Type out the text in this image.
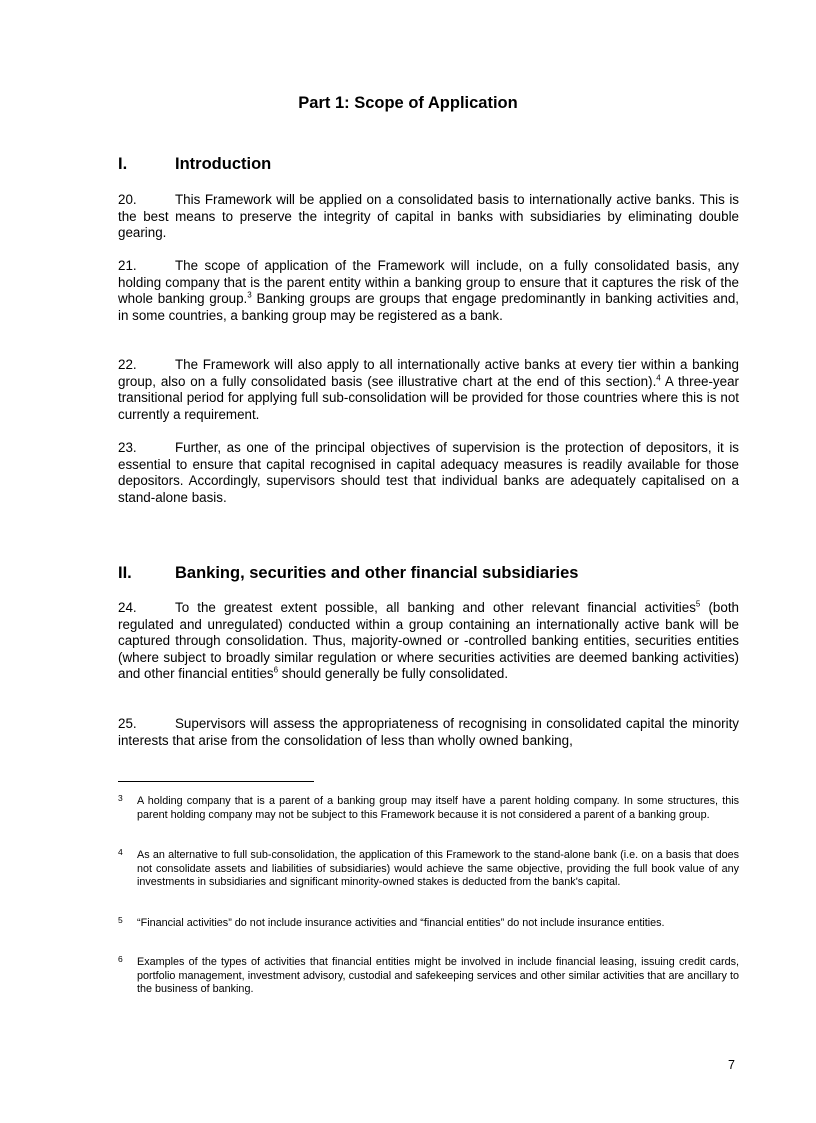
Part 1: Scope of Application
I.	Introduction

20.	This Framework will be applied on a consolidated basis to internationally active banks. This is the best means to preserve the integrity of capital in banks with subsidiaries by eliminating double gearing.

21.	The scope of application of the Framework will include, on a fully consolidated basis, any holding company that is the parent entity within a banking group to ensure that it captures the risk of the whole banking group.$^3$ Banking groups are groups that engage predominantly in banking activities and, in some countries, a banking group may be registered as a bank.

22.	The Framework will also apply to all internationally active banks at every tier within a banking group, also on a fully consolidated basis (see illustrative chart at the end of this section).$^4$ A three-year transitional period for applying full sub-consolidation will be provided for those countries where this is not currently a requirement.

23.	Further, as one of the principal objectives of supervision is the protection of depositors, it is essential to ensure that capital recognised in capital adequacy measures is readily available for those depositors. Accordingly, supervisors should test that individual banks are adequately capitalised on a stand-alone basis.

II.	Banking, securities and other financial subsidiaries

24.	To the greatest extent possible, all banking and other relevant financial activities$^5$ (both regulated and unregulated) conducted within a group containing an internationally active bank will be captured through consolidation. Thus, majority-owned or -controlled banking entities, securities entities (where subject to broadly similar regulation or where securities activities are deemed banking activities) and other financial entities$^6$ should generally be fully consolidated.

25.	Supervisors will assess the appropriateness of recognising in consolidated capital the minority interests that arise from the consolidation of less than wholly owned banking,

3 A holding company that is a parent of a banking group may itself have a parent holding company. In some structures, this parent holding company may not be subject to this Framework because it is not considered a parent of a banking group.

4 As an alternative to full sub-consolidation, the application of this Framework to the stand-alone bank (i.e. on a basis that does not consolidate assets and liabilities of subsidiaries) would achieve the same objective, providing the full book value of any investments in subsidiaries and significant minority-owned stakes is deducted from the bank's capital.

5 “Financial activities” do not include insurance activities and “financial entities” do not include insurance entities.

6 Examples of the types of activities that financial entities might be involved in include financial leasing, issuing credit cards, portfolio management, investment advisory, custodial and safekeeping services and other similar activities that are ancillary to the business of banking.

7
